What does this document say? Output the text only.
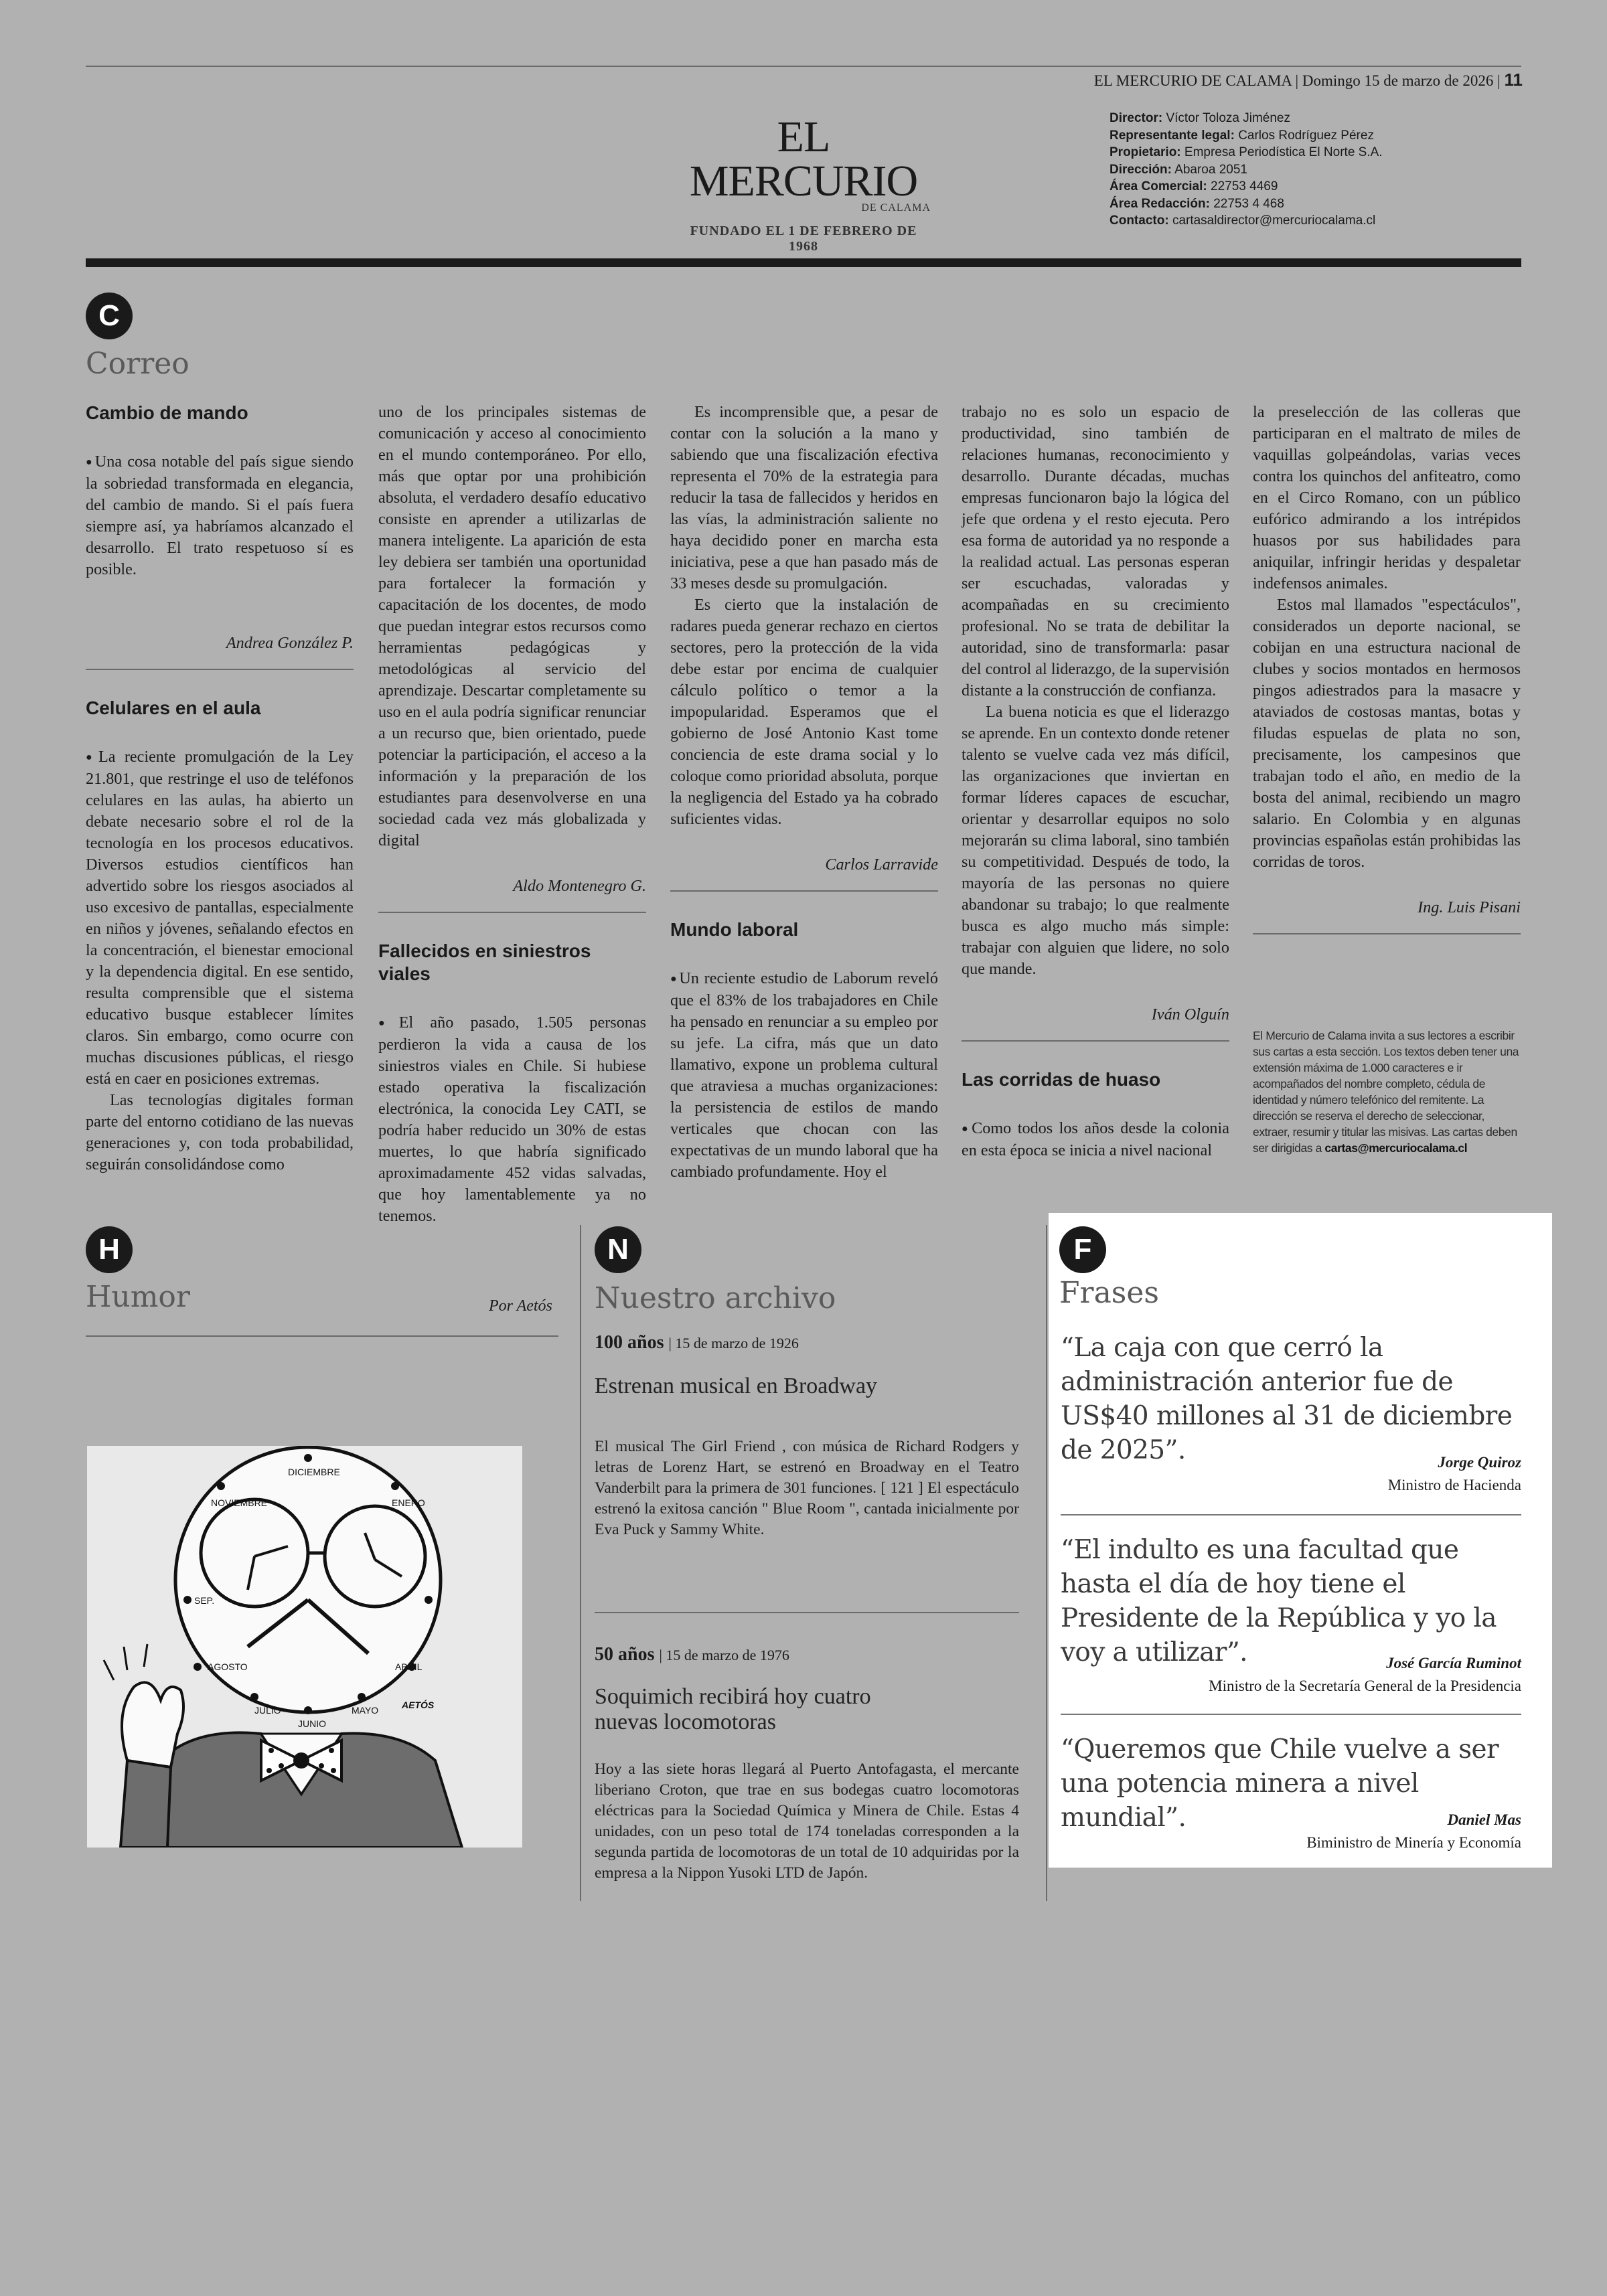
EL MERCURIO DE CALAMA | Domingo 15 de marzo de 2026 | 11
EL MERCURIO
DE CALAMA
FUNDADO EL 1 DE FEBRERO DE 1968
Director: Víctor Toloza Jiménez
Representante legal: Carlos Rodríguez Pérez
Propietario: Empresa Periodística El Norte S.A.
Dirección: Abaroa 2051
Área Comercial: 22753 4469
Área Redacción: 22753 4 468
Contacto: cartasaldirector@mercuriocalama.cl
C
Correo
Cambio de mando

● Una cosa notable del país sigue siendo la sobriedad transformada en elegancia, del cambio de mando. Si el país fuera siempre así, ya habríamos alcanzado el desarrollo. El trato respetuoso sí es posible.

Andrea González P.
Celulares en el aula

● La reciente promulgación de la Ley 21.801, que restringe el uso de teléfonos celulares en las aulas, ha abierto un debate necesario sobre el rol de la tecnología en los procesos educativos. Diversos estudios científicos han advertido sobre los riesgos asociados al uso excesivo de pantallas, especialmente en niños y jóvenes, señalando efectos en la concentración, el bienestar emocional y la dependencia digital. En ese sentido, resulta comprensible que el sistema educativo busque establecer límites claros. Sin embargo, como ocurre con muchas discusiones públicas, el riesgo está en caer en posiciones extremas.

Las tecnologías digitales forman parte del entorno cotidiano de las nuevas generaciones y, con toda probabilidad, seguirán consolidándose como

uno de los principales sistemas de comunicación y acceso al conocimiento en el mundo contemporáneo. Por ello, más que optar por una prohibición absoluta, el verdadero desafío educativo consiste en aprender a utilizarlas de manera inteligente. La aparición de esta ley debiera ser también una oportunidad para fortalecer la formación y capacitación de los docentes, de modo que puedan integrar estos recursos como herramientas pedagógicas y metodológicas al servicio del aprendizaje. Descartar completamente su uso en el aula podría significar renunciar a un recurso que, bien orientado, puede potenciar la participación, el acceso a la información y la preparación de los estudiantes para desenvolverse en una sociedad cada vez más globalizada y digital

Aldo Montenegro G.
Fallecidos en siniestros viales

● El año pasado, 1.505 personas perdieron la vida a causa de los siniestros viales en Chile. Si hubiese estado operativa la fiscalización electrónica, la conocida Ley CATI, se podría haber reducido un 30% de estas muertes, lo que habría significado aproximadamente 452 vidas salvadas, que hoy lamentablemente ya no tenemos.

Es incomprensible que, a pesar de contar con la solución a la mano y sabiendo que una fiscalización efectiva representa el 70% de la estrategia para reducir la tasa de fallecidos y heridos en las vías, la administración saliente no haya decidido poner en marcha esta iniciativa, pese a que han pasado más de 33 meses desde su promulgación.

Es cierto que la instalación de radares pueda generar rechazo en ciertos sectores, pero la protección de la vida debe estar por encima de cualquier cálculo político o temor a la impopularidad. Esperamos que el gobierno de José Antonio Kast tome conciencia de este drama social y lo coloque como prioridad absoluta, porque la negligencia del Estado ya ha cobrado suficientes vidas.

Carlos Larravide
Mundo laboral

● Un reciente estudio de Laborum reveló que el 83% de los trabajadores en Chile ha pensado en renunciar a su empleo por su jefe. La cifra, más que un dato llamativo, expone un problema cultural que atraviesa a muchas organizaciones: la persistencia de estilos de mando verticales que chocan con las expectativas de un mundo laboral que ha cambiado profundamente. Hoy el

trabajo no es solo un espacio de productividad, sino también de relaciones humanas, reconocimiento y desarrollo. Durante décadas, muchas empresas funcionaron bajo la lógica del jefe que ordena y el resto ejecuta. Pero esa forma de autoridad ya no responde a la realidad actual. Las personas esperan ser escuchadas, valoradas y acompañadas en su crecimiento profesional. No se trata de debilitar la autoridad, sino de transformarla: pasar del control al liderazgo, de la supervisión distante a la construcción de confianza.

La buena noticia es que el liderazgo se aprende. En un contexto donde retener talento se vuelve cada vez más difícil, las organizaciones que inviertan en formar líderes capaces de escuchar, orientar y desarrollar equipos no solo mejorarán su clima laboral, sino también su competitividad. Después de todo, la mayoría de las personas no quiere abandonar su trabajo; lo que realmente busca es algo mucho más simple: trabajar con alguien que lidere, no solo que mande.

Iván Olguín
Las corridas de huaso

● Como todos los años desde la colonia en esta época se inicia a nivel nacional

la preselección de las colleras que participaran en el maltrato de miles de vaquillas golpeándolas, varias veces contra los quinchos del anfiteatro, como en el Circo Romano, con un público eufórico admirando a los intrépidos huasos por sus habilidades para aniquilar, infringir heridas y despaletar indefensos animales.

Estos mal llamados "espectáculos", considerados un deporte nacional, se cobijan en una estructura nacional de clubes y socios montados en hermosos pingos adiestrados para la masacre y ataviados de costosas mantas, botas y filudas espuelas de plata no son, precisamente, los campesinos que trabajan todo el año, en medio de la bosta del animal, recibiendo un magro salario. En Colombia y en algunas provincias españolas están prohibidas las corridas de toros.

Ing. Luis Pisani
El Mercurio de Calama invita a sus lectores a escribir sus cartas a esta sección. Los textos deben tener una extensión máxima de 1.000 caracteres e ir acompañados del nombre completo, cédula de identidad y número telefónico del remitente. La dirección se reserva el derecho de seleccionar, extraer, resumir y titular las misivas. Las cartas deben ser dirigidas a cartas@mercuriocalama.cl
H
Humor	Por Aetós
NOVIEMBRE
DICIEMBRE
ENERO
SEP.
AGOSTO
JULIO
JUNIO
MAYO
ABRIL
AETÓS
N
Nuestro archivo
100 años | 15 de marzo de 1926
Estrenan musical en Broadway

El musical The Girl Friend , con música de Richard Rodgers y letras de Lorenz Hart, se estrenó en Broadway en el Teatro Vanderbilt para la primera de 301 funciones. [ 121 ] El espectáculo estrenó la exitosa canción " Blue Room ", cantada inicialmente por Eva Puck y Sammy White.

50 años | 15 de marzo de 1976
Soquimich recibirá hoy cuatro nuevas locomotoras

Hoy a las siete horas llegará al Puerto Antofagasta, el mercante liberiano Croton, que trae en sus bodegas cuatro locomotoras eléctricas para la Sociedad Química y Minera de Chile. Estas 4 unidades, con un peso total de 174 toneladas corresponden a la segunda partida de locomotoras de un total de 10 adquiridas por la empresa a la Nippon Yusoki LTD de Japón.

F
Frases
“La caja con que cerró la administración anterior fue de US$40 millones al 31 de diciembre de 2025”.	Jorge Quiroz
Ministro de Hacienda
“El indulto es una facultad que hasta el día de hoy tiene el Presidente de la República y yo la voy a utilizar”.	José García Ruminot
Ministro de la Secretaría General de la Presidencia
“Queremos que Chile vuelve a ser una potencia minera a nivel mundial”.	Daniel Mas
Biministro de Minería y Economía
